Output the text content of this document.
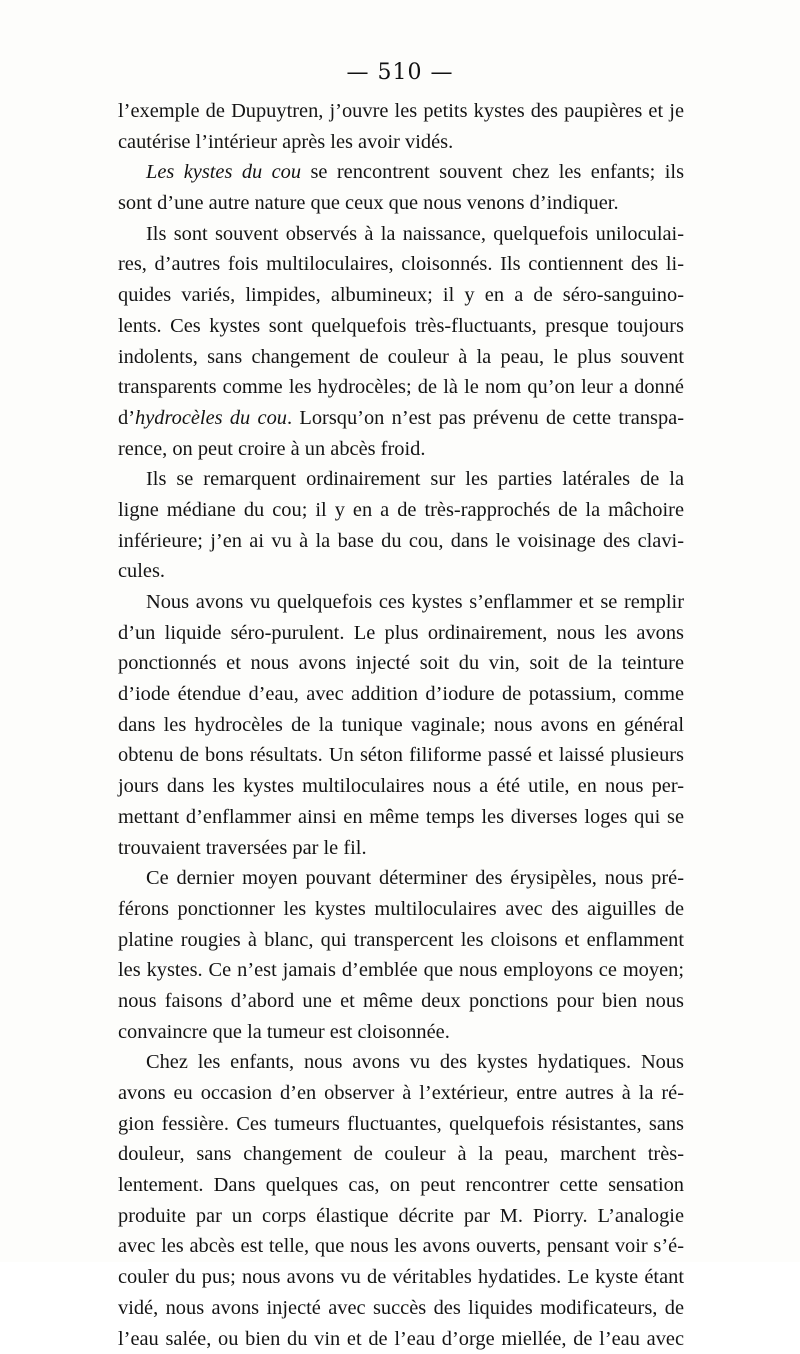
— 510 —
l’exemple de Dupuytren, j’ouvre les petits kystes des paupières et je
cautérise l’intérieur après les avoir vidés.
Les kystes du cou se rencontrent souvent chez les enfants; ils
sont d’une autre nature que ceux que nous venons d’indiquer.
Ils sont souvent observés à la naissance, quelquefois uniloculai-
res, d’autres fois multiloculaires, cloisonnés. Ils contiennent des li-
quides variés, limpides, albumineux; il y en a de séro-sanguino-
lents. Ces kystes sont quelquefois très-fluctuants, presque toujours
indolents, sans changement de couleur à la peau, le plus souvent
transparents comme les hydrocèles; de là le nom qu’on leur a donné
d’hydrocèles du cou. Lorsqu’on n’est pas prévenu de cette transpa-
rence, on peut croire à un abcès froid.
Ils se remarquent ordinairement sur les parties latérales de la
ligne médiane du cou; il y en a de très-rapprochés de la mâchoire
inférieure; j’en ai vu à la base du cou, dans le voisinage des clavi-
cules.
Nous avons vu quelquefois ces kystes s’enflammer et se remplir
d’un liquide séro-purulent. Le plus ordinairement, nous les avons
ponctionnés et nous avons injecté soit du vin, soit de la teinture
d’iode étendue d’eau, avec addition d’iodure de potassium, comme
dans les hydrocèles de la tunique vaginale; nous avons en général
obtenu de bons résultats. Un séton filiforme passé et laissé plusieurs
jours dans les kystes multiloculaires nous a été utile, en nous per-
mettant d’enflammer ainsi en même temps les diverses loges qui se
trouvaient traversées par le fil.
Ce dernier moyen pouvant déterminer des érysipèles, nous pré-
férons ponctionner les kystes multiloculaires avec des aiguilles de
platine rougies à blanc, qui transpercent les cloisons et enflamment
les kystes. Ce n’est jamais d’emblée que nous employons ce moyen;
nous faisons d’abord une et même deux ponctions pour bien nous
convaincre que la tumeur est cloisonnée.
Chez les enfants, nous avons vu des kystes hydatiques. Nous
avons eu occasion d’en observer à l’extérieur, entre autres à la ré-
gion fessière. Ces tumeurs fluctuantes, quelquefois résistantes, sans
douleur, sans changement de couleur à la peau, marchent très-
lentement. Dans quelques cas, on peut rencontrer cette sensation
produite par un corps élastique décrite par M. Piorry. L’analogie
avec les abcès est telle, que nous les avons ouverts, pensant voir s’é-
couler du pus; nous avons vu de véritables hydatides. Le kyste étant
vidé, nous avons injecté avec succès des liquides modificateurs, de
l’eau salée, ou bien du vin et de l’eau d’orge miellée, de l’eau avec
